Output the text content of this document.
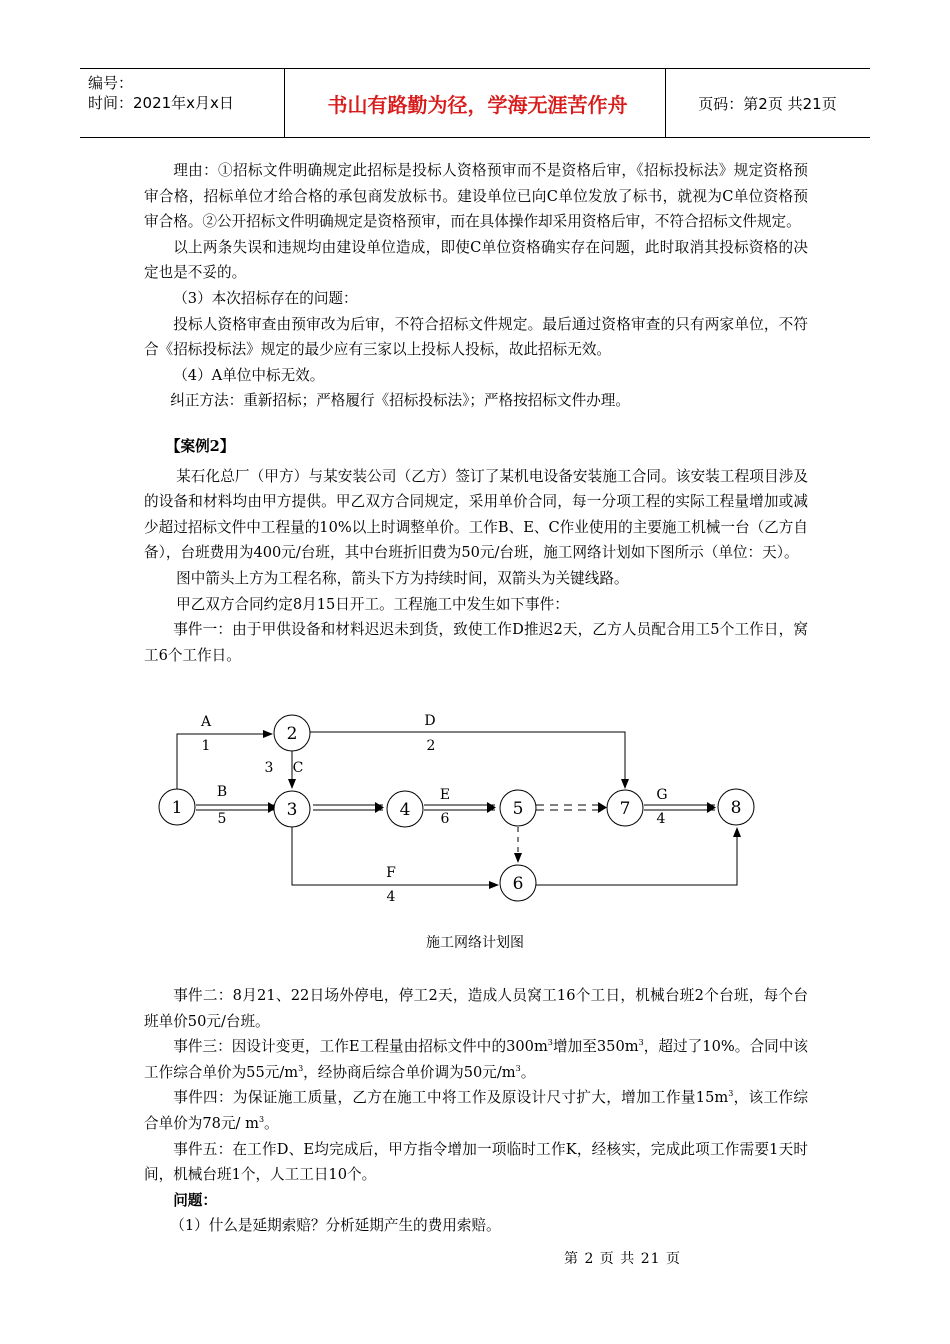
编号：
时间：2021年x月x日	书山有路勤为径，学海无涯苦作舟	页码：第2页 共21页

理由：①招标文件明确规定此招标是投标人资格预审而不是资格后审，《招标投标法》规定资格预审合格，招标单位才给合格的承包商发放标书。建设单位已向C单位发放了标书，就视为C单位资格预审合格。②公开招标文件明确规定是资格预审，而在具体操作却采用资格后审，不符合招标文件规定。

以上两条失误和违规均由建设单位造成，即使C单位资格确实存在问题，此时取消其投标资格的决定也是不妥的。

（3）本次招标存在的问题：

投标人资格审查由预审改为后审，不符合招标文件规定。最后通过资格审查的只有两家单位，不符合《招标投标法》规定的最少应有三家以上投标人投标，故此招标无效。

（4）A单位中标无效。

纠正方法：重新招标；严格履行《招标投标法》；严格按招标文件办理。

【案例2】

某石化总厂（甲方）与某安装公司（乙方）签订了某机电设备安装施工合同。该安装工程项目涉及的设备和材料均由甲方提供。甲乙双方合同规定，采用单价合同，每一分项工程的实际工程量增加或减少超过招标文件中工程量的10%以上时调整单价。工作B、E、C作业使用的主要施工机械一台（乙方自备），台班费用为400元/台班，其中台班折旧费为50元/台班，施工网络计划如下图所示（单位：天）。

图中箭头上方为工程名称，箭头下方为持续时间，双箭头为关键线路。

甲乙双方合同约定8月15日开工。工程施工中发生如下事件：

事件一：由于甲供设备和材料迟迟未到货，致使工作D推迟2天，乙方人员配合用工5个工作日，窝工6个工作日。

1
2
3	4	5
6
7	8
A
1
D
2
C
3
B
5
E
6
G
4
F
4
施工网络计划图

事件二：8月21、22日场外停电，停工2天，造成人员窝工16个工日，机械台班2个台班，每个台班单价50元/台班。

事件三：因设计变更，工作E工程量由招标文件中的$300m^3$增加至$350m^3$，超过了10%。合同中该工作综合单价为55元$/m^3$，经协商后综合单价调为50元$/m^3$。

事件四：为保证施工质量，乙方在施工中将工作及原设计尺寸扩大，增加工作量$15m^3$，该工作综合单价为78元/ $m^3$。

事件五：在工作D、E均完成后，甲方指令增加一项临时工作K，经核实，完成此项工作需要1天时间，机械台班1个，人工工日10个。

问题：

（1）什么是延期索赔？分析延期产生的费用索赔。

第 2 页 共 21 页
